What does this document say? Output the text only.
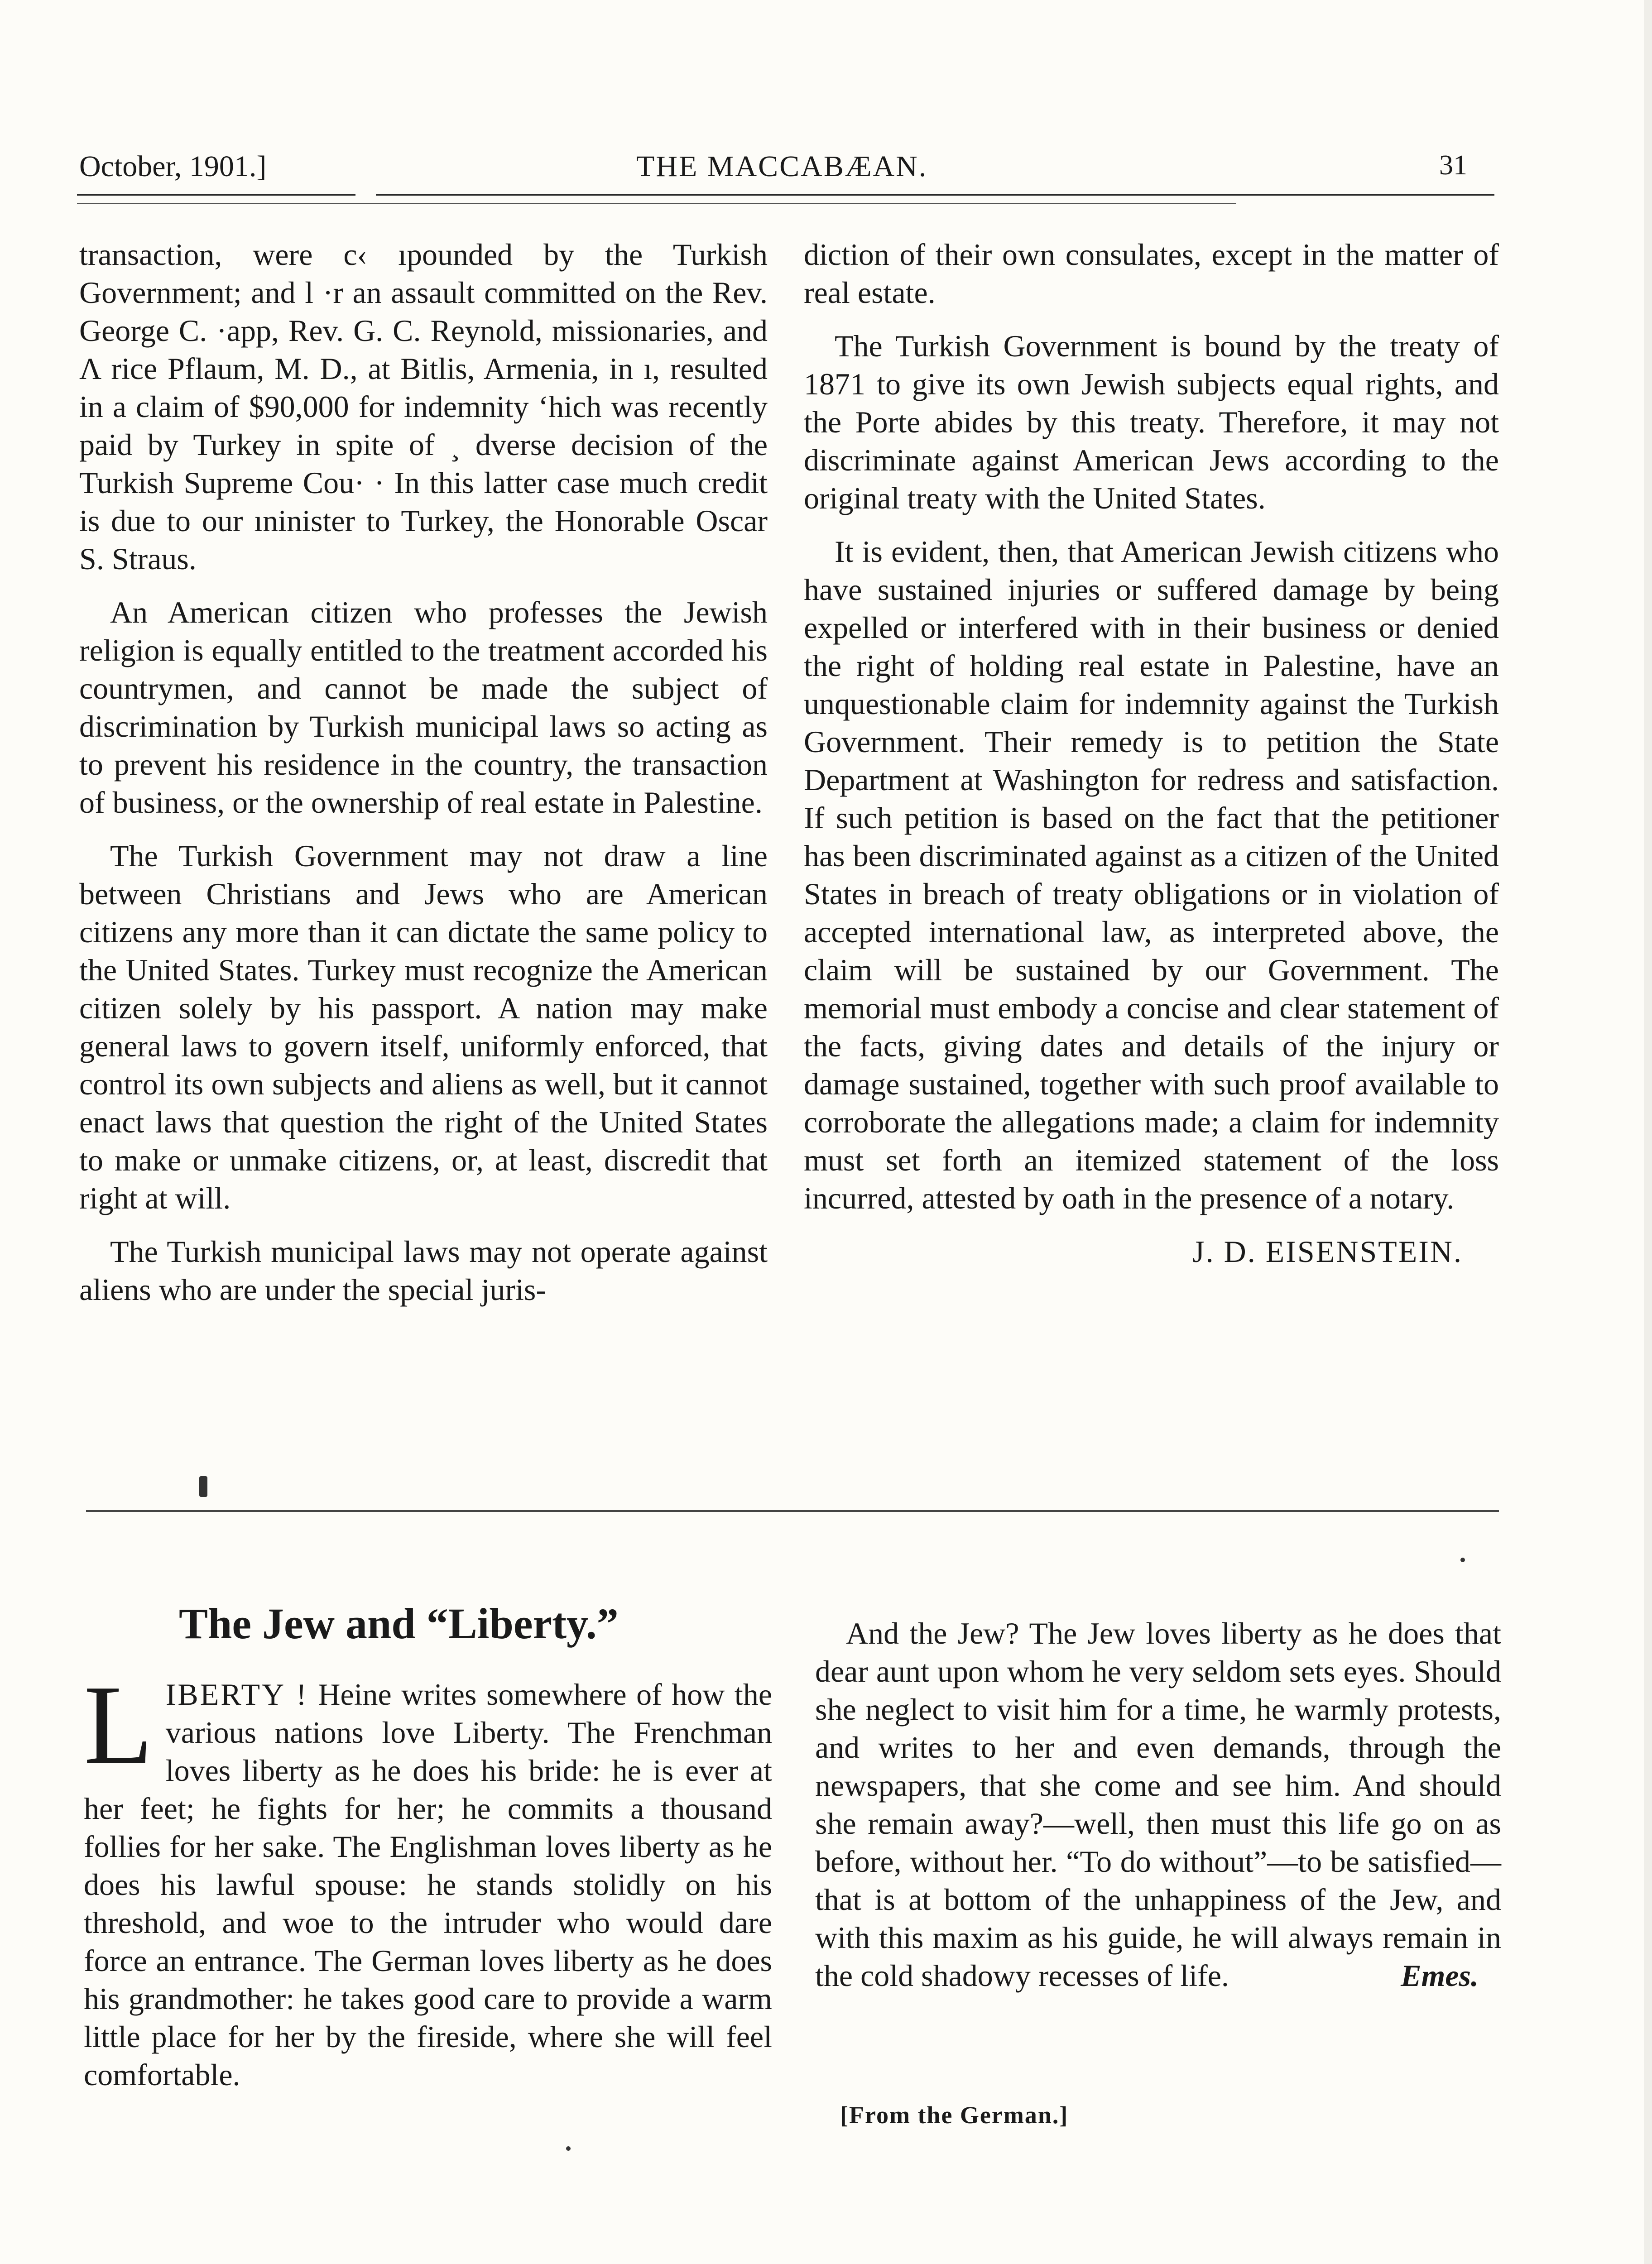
October, 1901.]	THE MACCABÆAN.	31

transaction, were c‹ ıpounded by the Turkish Government; and l ·r an assault committed on the Rev. George C. ·app, Rev. G. C. Reynold, missionaries, and Λ rice Pflaum, M. D., at Bitlis, Armenia, in ı, resulted in a claim of $90,000 for indemnity ‘hich was recently paid by Turkey in spite of ¸ dverse decision of the Turkish Supreme Cou· · In this latter case much credit is due to our ıninister to Turkey, the Honorable Oscar S. Straus.

An American citizen who professes the Jewish religion is equally entitled to the treatment accorded his countrymen, and cannot be made the subject of discrimination by Turkish municipal laws so acting as to prevent his residence in the country, the transaction of business, or the ownership of real estate in Palestine.

The Turkish Government may not draw a line between Christians and Jews who are American citizens any more than it can dictate the same policy to the United States. Turkey must recognize the American citizen solely by his passport. A nation may make general laws to govern itself, uniformly enforced, that control its own subjects and aliens as well, but it cannot enact laws that question the right of the United States to make or unmake citizens, or, at least, discredit that right at will.

The Turkish municipal laws may not operate against aliens who are under the special juris-

diction of their own consulates, except in the matter of real estate.

The Turkish Government is bound by the treaty of 1871 to give its own Jewish subjects equal rights, and the Porte abides by this treaty. Therefore, it may not discriminate against American Jews according to the original treaty with the United States.

It is evident, then, that American Jewish citizens who have sustained injuries or suffered damage by being expelled or interfered with in their business or denied the right of holding real estate in Palestine, have an unquestionable claim for indemnity against the Turkish Government. Their remedy is to petition the State Department at Washington for redress and satisfaction. If such petition is based on the fact that the petitioner has been discriminated against as a citizen of the United States in breach of treaty obligations or in violation of accepted international law, as interpreted above, the claim will be sustained by our Government. The memorial must embody a concise and clear statement of the facts, giving dates and details of the injury or damage sustained, together with such proof available to corroborate the allegations made; a claim for indemnity must set forth an itemized statement of the loss incurred, attested by oath in the presence of a notary.

J. D. EISENSTEIN.
The Jew and “Liberty.”

LIBERTY ! Heine writes somewhere of how the various nations love Liberty. The Frenchman loves liberty as he does his bride: he is ever at her feet; he fights for her; he commits a thousand follies for her sake. The Englishman loves liberty as he does his lawful spouse: he stands stolidly on his threshold, and woe to the intruder who would dare force an entrance. The German loves liberty as he does his grandmother: he takes good care to provide a warm little place for her by the fireside, where she will feel comfortable.

And the Jew? The Jew loves liberty as he does that dear aunt upon whom he very seldom sets eyes. Should she neglect to visit him for a time, he warmly protests, and writes to her and even demands, through the newspapers, that she come and see him. And should she remain away?—well, then must this life go on as before, without her. “To do without”—to be satisfied—that is at bottom of the unhappiness of the Jew, and with this maxim as his guide, he will always remain in the cold shadowy recesses of life.	Emes.
[From the German.]
